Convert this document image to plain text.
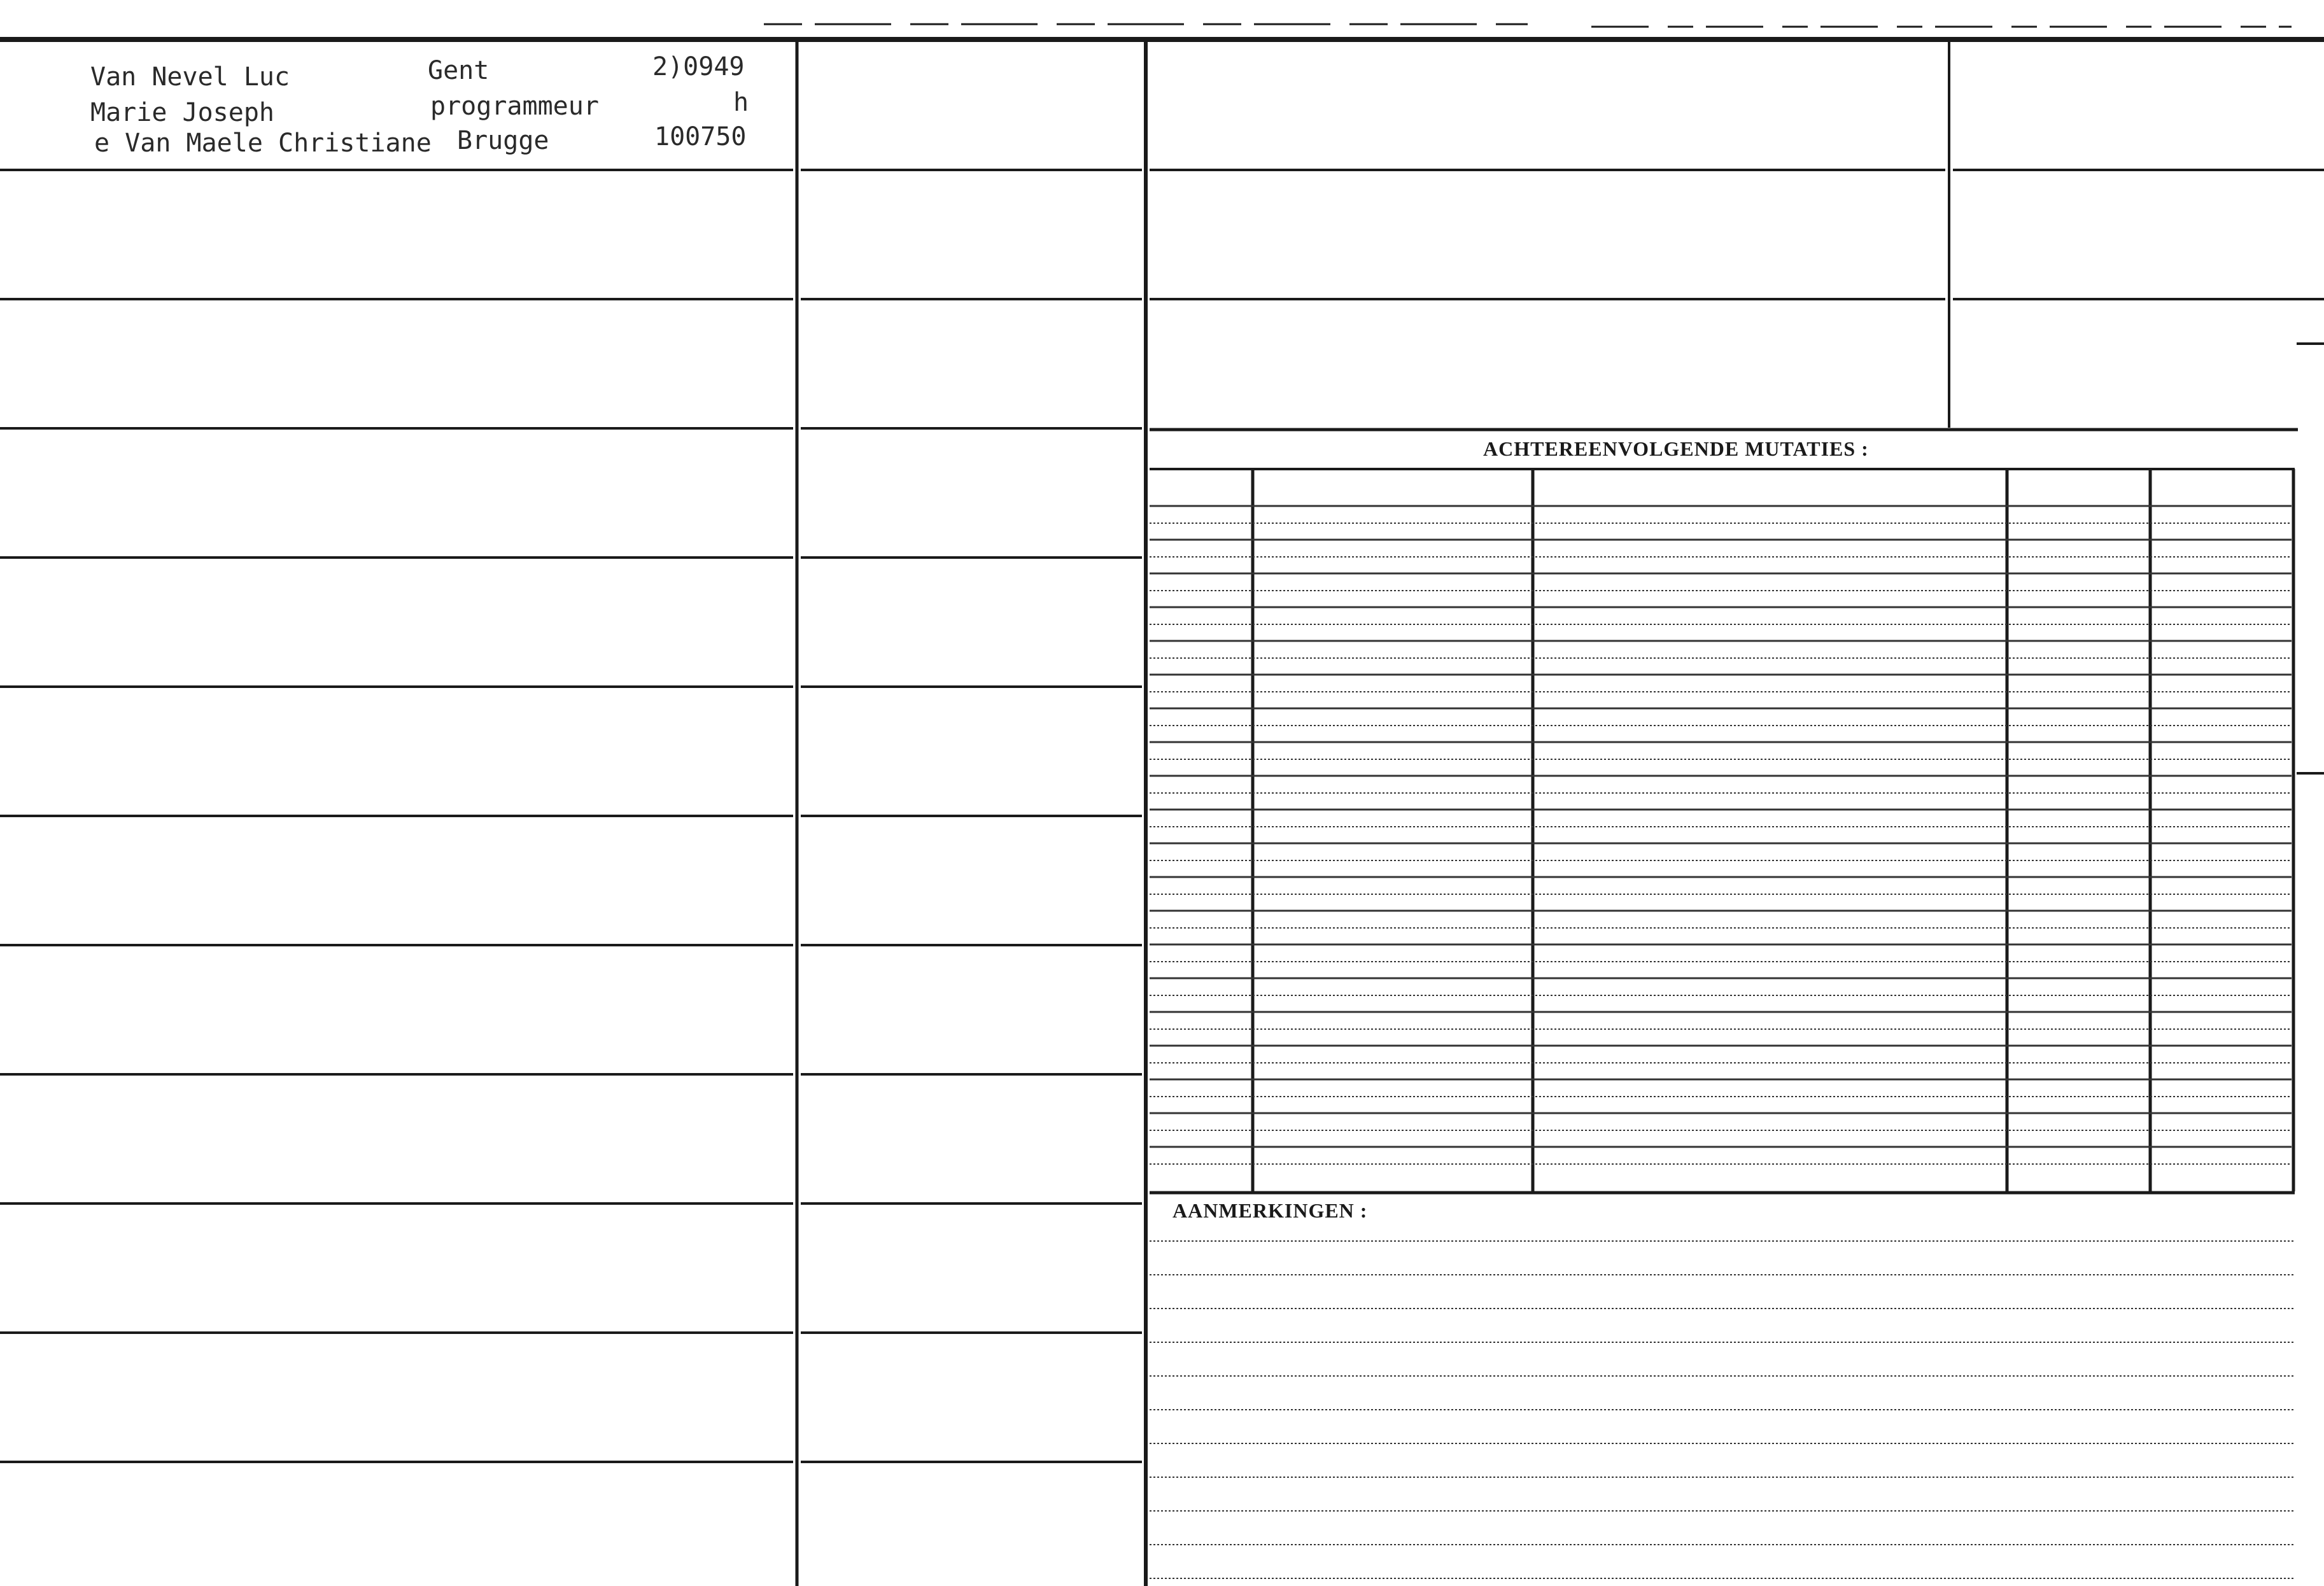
Van Nevel Luc	Gent	2)0949
Marie Joseph	programmeur	h
e Van Maele Christiane Brugge	100750
ACHTEREENVOLGENDE MUTATIES :
AANMERKINGEN :
